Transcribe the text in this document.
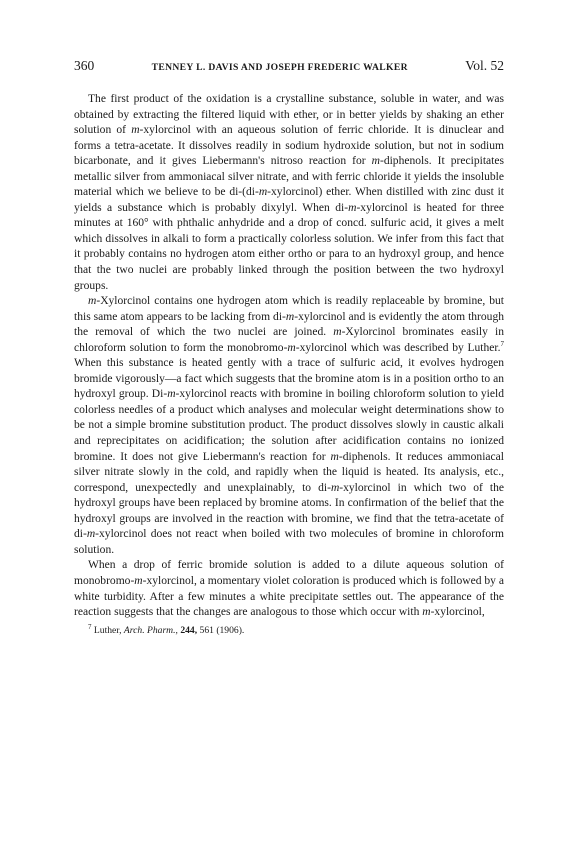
360	TENNEY L. DAVIS AND JOSEPH FREDERIC WALKER	Vol. 52

The first product of the oxidation is a crystalline substance, soluble in water, and was obtained by extracting the filtered liquid with ether, or in better yields by shaking an ether solution of m-xylorcinol with an aqueous solution of ferric chloride. It is dinuclear and forms a tetra-acetate. It dissolves readily in sodium hydroxide solution, but not in sodium bicarbonate, and it gives Liebermann's nitroso reaction for m-diphenols. It precipitates metallic silver from ammoniacal silver nitrate, and with ferric chloride it yields the insoluble material which we believe to be di-(di-m-xylorcinol) ether. When distilled with zinc dust it yields a substance which is probably dixylyl. When di-m-xylorcinol is heated for three minutes at 160° with phthalic anhydride and a drop of concd. sulfuric acid, it gives a melt which dissolves in alkali to form a practically colorless solution. We infer from this fact that it probably contains no hydrogen atom either ortho or para to an hydroxyl group, and hence that the two nuclei are probably linked through the position between the two hydroxyl groups.

m-Xylorcinol contains one hydrogen atom which is readily replaceable by bromine, but this same atom appears to be lacking from di-m-xylorcinol and is evidently the atom through the removal of which the two nuclei are joined. m-Xylorcinol brominates easily in chloroform solution to form the monobromo-m-xylorcinol which was described by Luther.$^7$ When this substance is heated gently with a trace of sulfuric acid, it evolves hydrogen bromide vigorously—a fact which suggests that the bromine atom is in a position ortho to an hydroxyl group. Di-m-xylorcinol reacts with bromine in boiling chloroform solution to yield colorless needles of a product which analyses and molecular weight determinations show to be not a simple bromine substitution product. The product dissolves slowly in caustic alkali and reprecipitates on acidification; the solution after acidification contains no ionized bromine. It does not give Liebermann's reaction for m-diphenols. It reduces ammoniacal silver nitrate slowly in the cold, and rapidly when the liquid is heated. Its analysis, etc., correspond, unexpectedly and unexplainably, to di-m-xylorcinol in which two of the hydroxyl groups have been replaced by bromine atoms. In confirmation of the belief that the hydroxyl groups are involved in the reaction with bromine, we find that the tetra-acetate of di-m-xylorcinol does not react when boiled with two molecules of bromine in chloroform solution.

When a drop of ferric bromide solution is added to a dilute aqueous solution of monobromo-m-xylorcinol, a momentary violet coloration is produced which is followed by a white turbidity. After a few minutes a white precipitate settles out. The appearance of the reaction suggests that the changes are analogous to those which occur with m-xylorcinol,

$^7$ Luther, Arch. Pharm., 244, 561 (1906).
